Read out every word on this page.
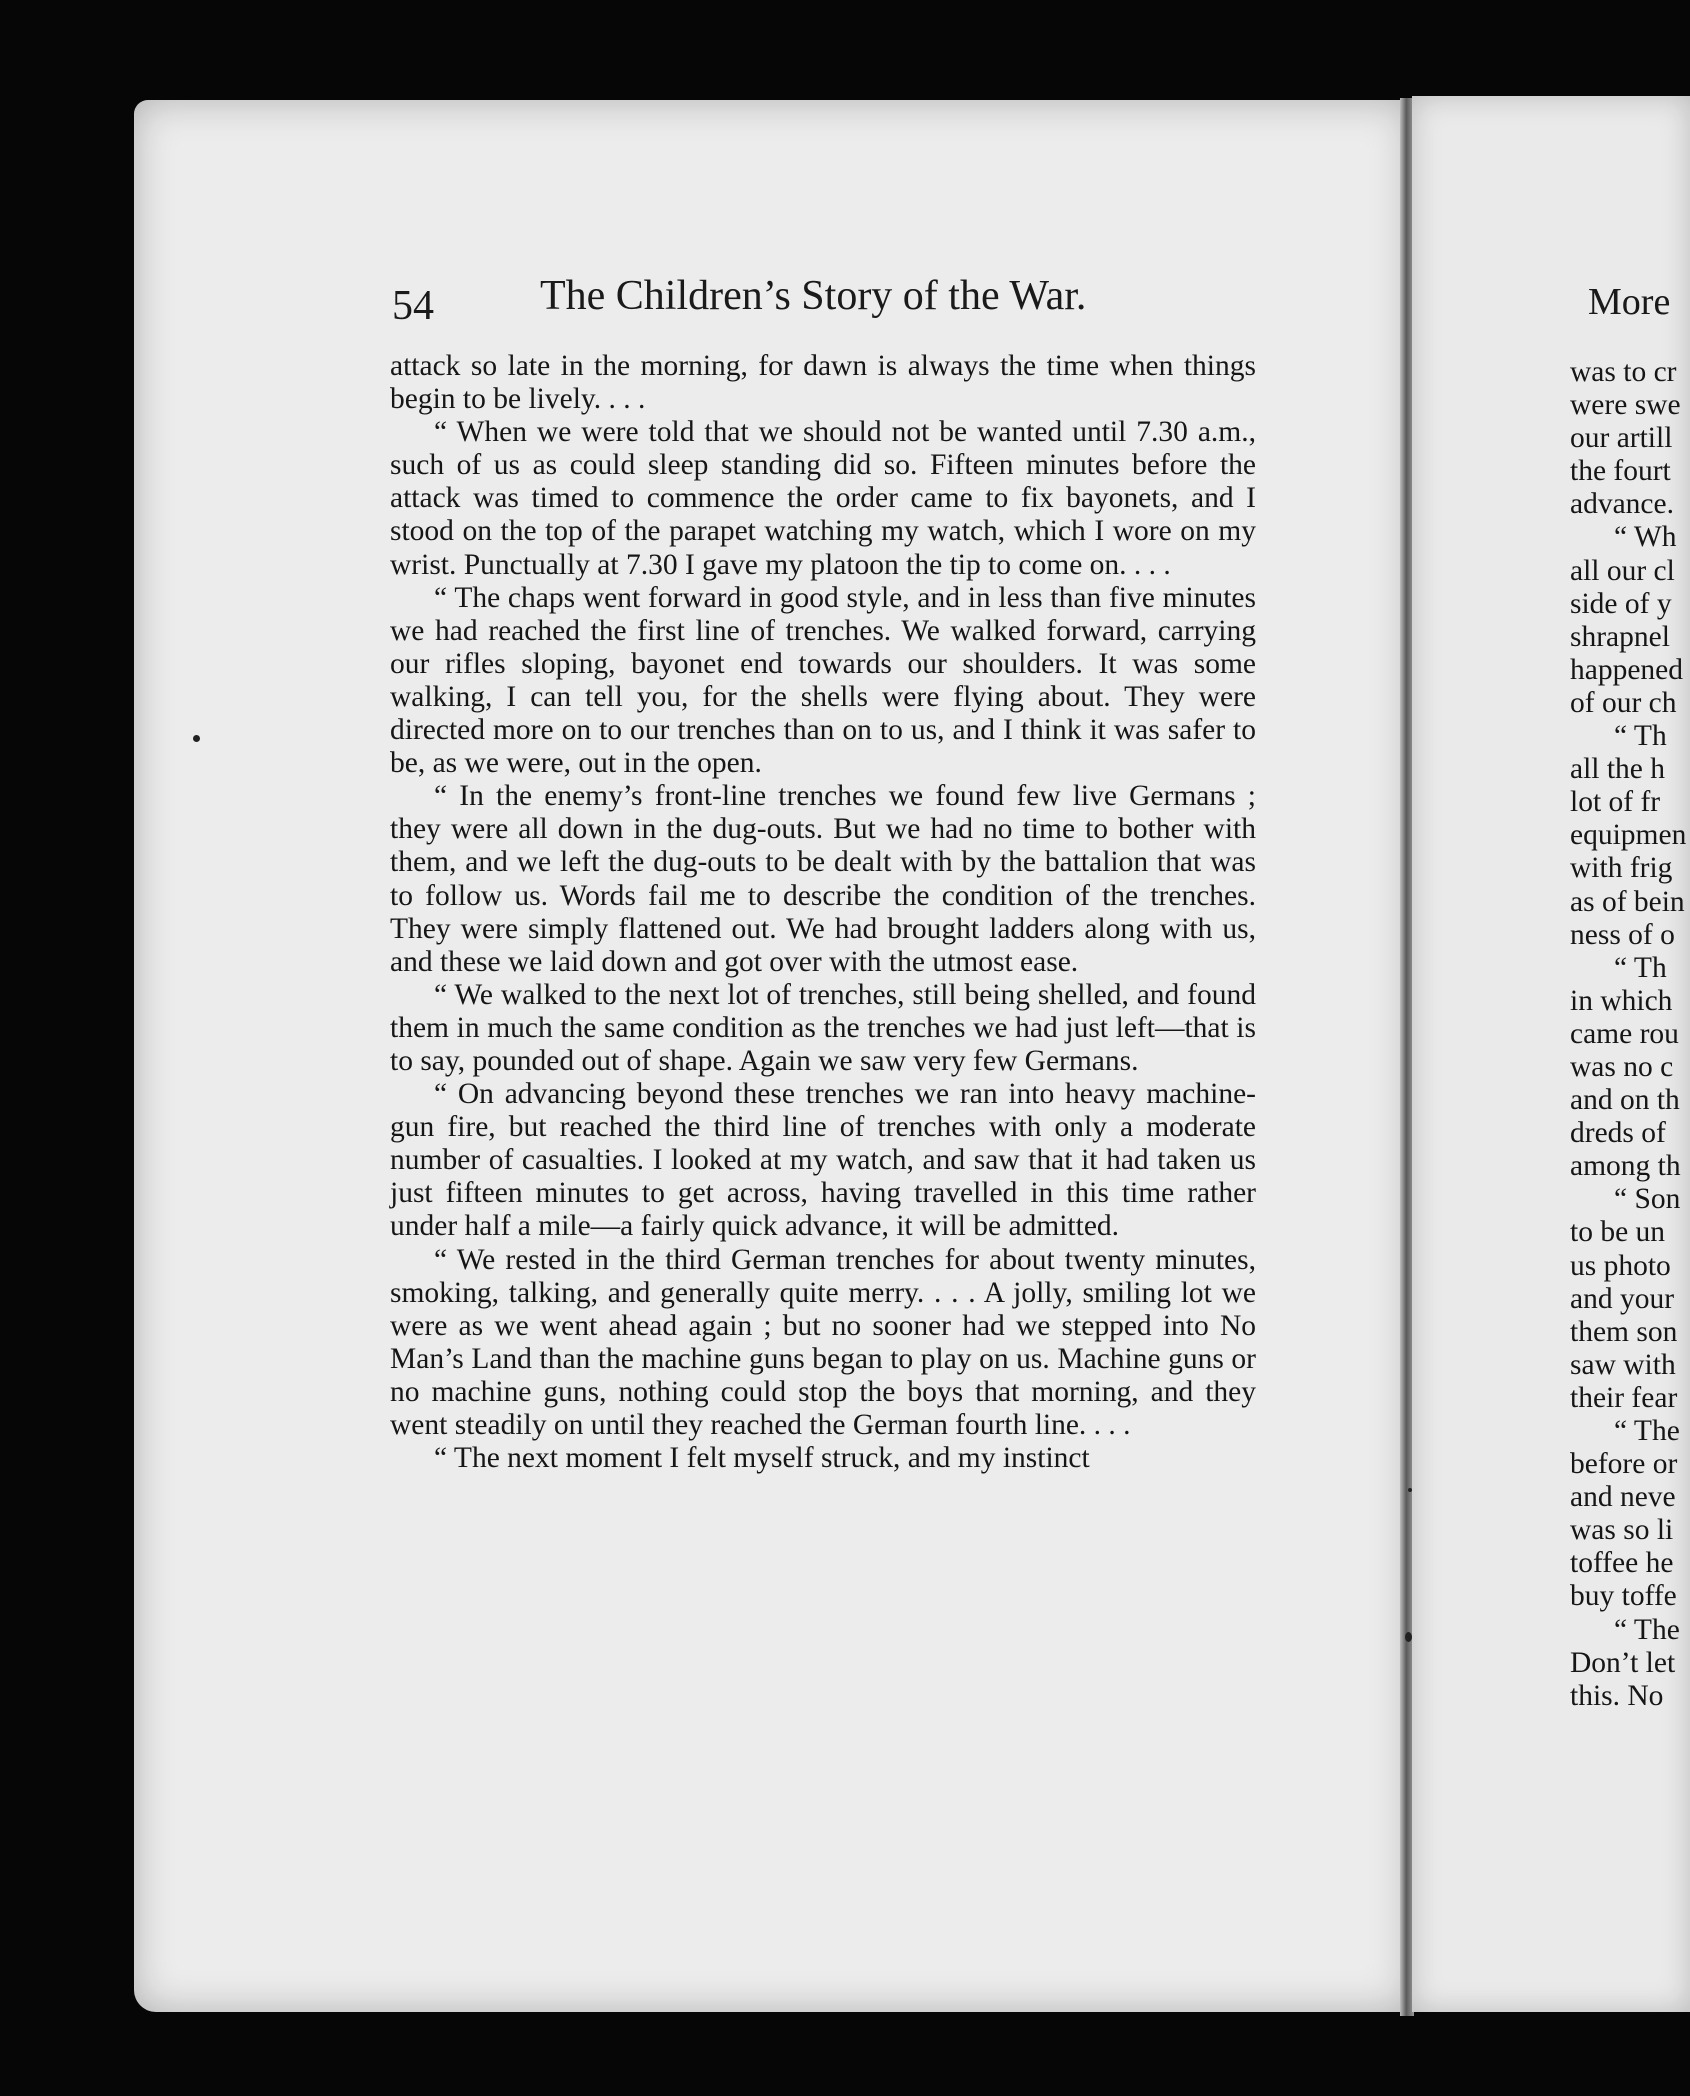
54	The Children’s Story of the War.

attack so late in the morning, for dawn is always the time when things begin to be lively. . . .

“ When we were told that we should not be wanted until 7.30 a.m., such of us as could sleep standing did so. Fifteen minutes before the attack was timed to commence the order came to fix bayonets, and I stood on the top of the parapet watching my watch, which I wore on my wrist. Punctually at 7.30 I gave my platoon the tip to come on. . . .

“ The chaps went forward in good style, and in less than five minutes we had reached the first line of trenches. We walked forward, carrying our rifles sloping, bayonet end towards our shoulders. It was some walking, I can tell you, for the shells were flying about. They were directed more on to our trenches than on to us, and I think it was safer to be, as we were, out in the open.

“ In the enemy’s front-line trenches we found few live Germans ; they were all down in the dug-outs. But we had no time to bother with them, and we left the dug-outs to be dealt with by the battalion that was to follow us. Words fail me to describe the condition of the trenches. They were simply flattened out. We had brought ladders along with us, and these we laid down and got over with the utmost ease.

“ We walked to the next lot of trenches, still being shelled, and found them in much the same condition as the trenches we had just left—that is to say, pounded out of shape. Again we saw very few Germans.

“ On advancing beyond these trenches we ran into heavy machine-gun fire, but reached the third line of trenches with only a moderate number of casualties. I looked at my watch, and saw that it had taken us just fifteen minutes to get across, having travelled in this time rather under half a mile—a fairly quick advance, it will be admitted.

“ We rested in the third German trenches for about twenty minutes, smoking, talking, and generally quite merry. . . . A jolly, smiling lot we were as we went ahead again ; but no sooner had we stepped into No Man’s Land than the machine guns began to play on us. Machine guns or no machine guns, nothing could stop the boys that morning, and they went steadily on until they reached the German fourth line. . . .

“ The next moment I felt myself struck, and my instinct

More
was to cr
were swe
our artill
the fourt
advance.
“ Wh
all our cl
side of y
shrapnel
happened
of our ch
“ Th
all the h
lot of fr
equipmen
with frig
as of bein
ness of o
“ Th
in which
came rou
was no c
and on th
dreds of
among th
“ Son
to be un
us photo
and your
them son
saw with
their fear
“ The
before or
and neve
was so li
toffee he
buy toffe
“ The
Don’t let
this. No
